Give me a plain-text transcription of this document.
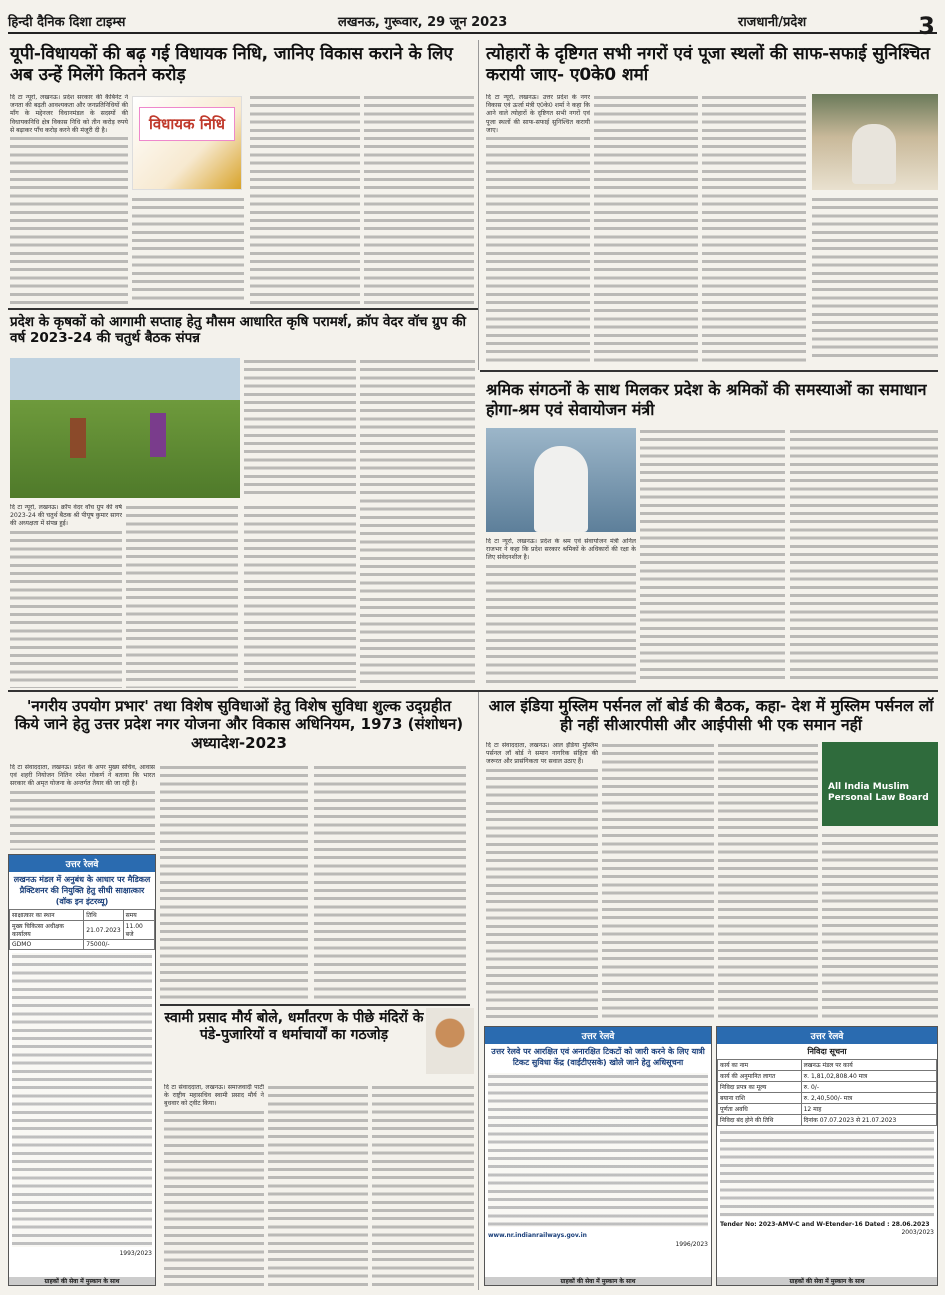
हिन्दी दैनिक दिशा टाइम्स	लखनऊ, गुरूवार, 29 जून 2023	राजधानी/प्रदेश	3
यूपी-विधायकों की बढ़ गई विधायक निधि, जानिए विकास कराने के लिए अब उन्हें मिलेंगे कितने करोड़
दि टा न्यूरो, लखनऊ। प्रदेश सरकार की कैबिनेट ने जनता की बढ़ती आवश्यकता और जनप्रतिनिधियों की माँग के मद्देनजर विधानमंडल के सदस्यों की विधायकनिधि क्षेत्र विकास निधि को तीन करोड़ रुपये से बढ़ाकर पाँच करोड़ करने की मंजूरी दी है।	विधायक निधि
त्योहारों के दृष्टिगत सभी नगरों एवं पूजा स्थलों की साफ-सफाई सुनिश्चित करायी जाए- ए0के0 शर्मा
दि टा न्यूरो, लखनऊ। उत्तर प्रदेश के नगर विकास एवं ऊर्जा मंत्री ए0के0 शर्मा ने कहा कि आने वाले त्योहारों के दृष्टिगत सभी नगरों एवं पूजा स्थलों की साफ-सफाई सुनिश्चित करायी जाए।
प्रदेश के कृषकों को आगामी सप्ताह हेतु मौसम आधारित कृषि परामर्श, क्रॉप वेदर वॉच ग्रुप की वर्ष 2023-24 की चतुर्थ बैठक संपन्न
दि टा न्यूरो, लखनऊ। क्रॉप वेदर वॉच ग्रुप की वर्ष 2023-24 की चतुर्थ बैठक श्री पीयूष कुमार सागर की अध्यक्षता में संपन्न हुई।
श्रमिक संगठनों के साथ मिलकर प्रदेश के श्रमिकों की समस्याओं का समाधान होगा-श्रम एवं सेवायोजन मंत्री
दि टा न्यूरो, लखनऊ। प्रदेश के श्रम एवं सेवायोजन मंत्री अनिल राजभर ने कहा कि प्रदेश सरकार श्रमिकों के अधिकारों की रक्षा के लिए संवेदनशील है।
'नगरीय उपयोग प्रभार' तथा विशेष सुविधाओं हेतु विशेष सुविधा शुल्क उद्ग्रहीत किये जाने हेतु उत्तर प्रदेश नगर योजना और विकास अधिनियम, 1973 (संशोधन) अध्यादेश-2023
दि टा संवाददाता, लखनऊ। प्रदेश के अपर मुख्य सचिव, आवास एवं शहरी नियोजन नितिन रमेश गोकर्ण ने बताया कि भारत सरकार की अमृत योजना के अन्तर्गत तैयार की जा रही है।
उत्तर रेलवे
लखनऊ मंडल में अनुबंध के आधार पर मैडिकल प्रैक्टिशनर की नियुक्ति हेतु सीधी साक्षात्कार (वॉक इन इंटरव्यू)
साक्षात्कार का स्थान	तिथि	समय
मुख्य चिकित्सा अधीक्षक कार्यालय	21.07.2023	11.00 बजे
GDMO	75000/-	
1993/2023
ग्राहकों की सेवा में मुस्कान के साथ
स्वामी प्रसाद मौर्य बोले, धर्मांतरण के पीछे मंदिरों के पंडे-पुजारियों व धर्माचार्यों का गठजोड़
दि टा संवाददाता, लखनऊ। समाजवादी पार्टी के राष्ट्रीय महासचिव स्वामी प्रसाद मौर्य ने बुधवार को ट्वीट किया।
आल इंडिया मुस्लिम पर्सनल लॉ बोर्ड की बैठक, कहा- देश में मुस्लिम पर्सनल लॉ ही नहीं सीआरपीसी और आईपीसी भी एक समान नहीं
दि टा संवाददाता, लखनऊ। आल इंडिया मुस्लिम पर्सनल लॉ बोर्ड ने समान नागरिक संहिता की जरूरत और प्रासंगिकता पर सवाल उठाए हैं।
All India Muslim Personal Law Board
उत्तर रेलवे
उत्तर रेलवे पर आरक्षित एवं अनारक्षित टिकटों को जारी करने के लिए यात्री टिकट सुविधा केंद्र (वाईटीएसके) खोले जाने हेतु अधिसूचना
www.nr.indianrailways.gov.in
1996/2023
ग्राहकों की सेवा में मुस्कान के साथ
उत्तर रेलवे
निविदा सूचना
कार्य का नाम	लखनऊ मंडल पर कार्य
कार्य की अनुमानित लागत	रु. 1,81,02,808.40 मात्र
निविदा प्रपत्र का मूल्य	रु. 0/-
बयाना राशि	रु. 2,40,500/- मात्र
पूर्णता अवधि	12 माह
निविदा बंद होने की तिथि	दिनांक 07.07.2023 से 21.07.2023
Tender No: 2023-AMV-C and W-Etender-16 Dated : 28.06.2023
2003/2023
ग्राहकों की सेवा में मुस्कान के साथ
